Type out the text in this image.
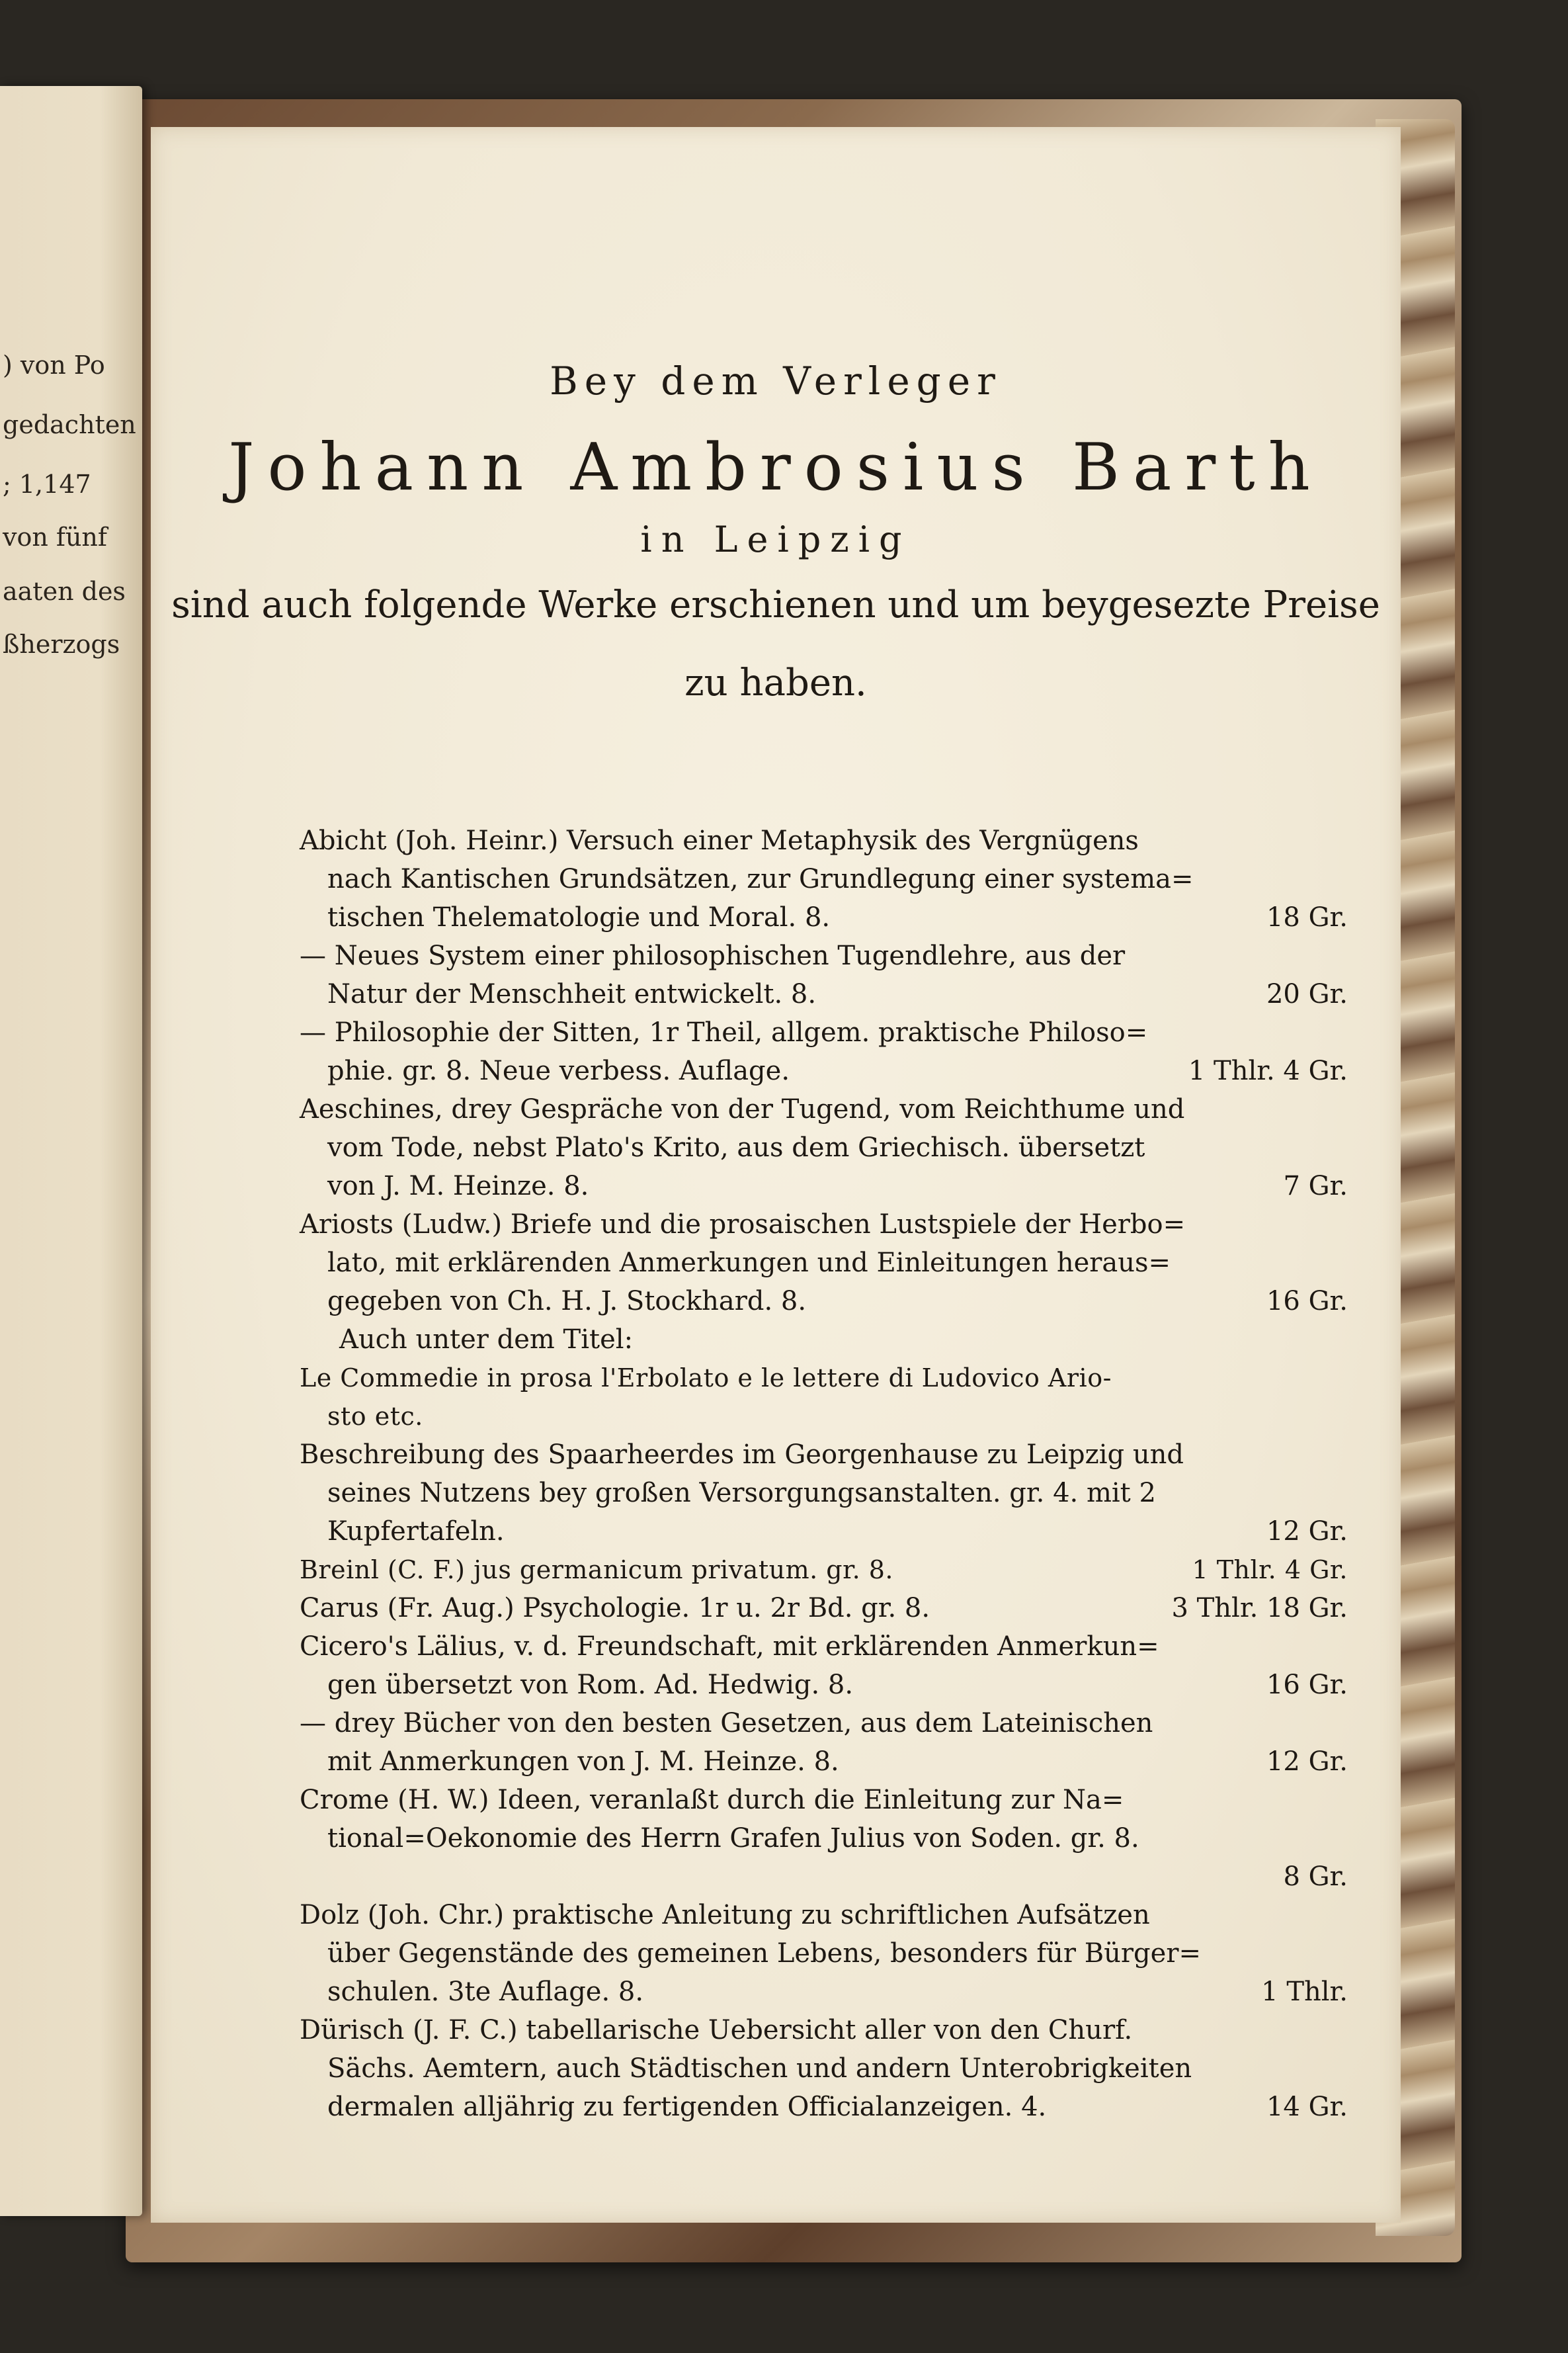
) von Po
gedachten
; 1,147
von fünf
aaten des
ßherzogs
Bey dem Verleger
Johann Ambrosius Barth
in Leipzig
sind auch folgende Werke erschienen und um beygesezte Preise
zu haben.
Abicht (Joh. Heinr.) Versuch einer Metaphysik des Vergnügens
nach Kantischen Grundsätzen, zur Grundlegung einer systema=
tischen Thelematologie und Moral. 8.	18 Gr.
— Neues System einer philosophischen Tugendlehre, aus der
Natur der Menschheit entwickelt. 8.	20 Gr.
— Philosophie der Sitten, 1r Theil, allgem. praktische Philoso=
phie. gr. 8. Neue verbess. Auflage.	1 Thlr. 4 Gr.
Aeschines, drey Gespräche von der Tugend, vom Reichthume und
vom Tode, nebst Plato's Krito, aus dem Griechisch. übersetzt
von J. M. Heinze. 8.	7 Gr.
Ariosts (Ludw.) Briefe und die prosaischen Lustspiele der Herbo=
lato, mit erklärenden Anmerkungen und Einleitungen heraus=
gegeben von Ch. H. J. Stockhard. 8.	16 Gr.
Auch unter dem Titel:
Le Commedie in prosa l'Erbolato e le lettere di Ludovico Ario-
sto etc.
Beschreibung des Spaarheerdes im Georgenhause zu Leipzig und
seines Nutzens bey großen Versorgungsanstalten. gr. 4. mit 2
Kupfertafeln.	12 Gr.
Breinl (C. F.) jus germanicum privatum. gr. 8.	1 Thlr. 4 Gr.
Carus (Fr. Aug.) Psychologie. 1r u. 2r Bd. gr. 8.	3 Thlr. 18 Gr.
Cicero's Lälius, v. d. Freundschaft, mit erklärenden Anmerkun=
gen übersetzt von Rom. Ad. Hedwig. 8.	16 Gr.
— drey Bücher von den besten Gesetzen, aus dem Lateinischen
mit Anmerkungen von J. M. Heinze. 8.	12 Gr.
Crome (H. W.) Ideen, veranlaßt durch die Einleitung zur Na=
tional=Oekonomie des Herrn Grafen Julius von Soden. gr. 8.
8 Gr.
Dolz (Joh. Chr.) praktische Anleitung zu schriftlichen Aufsätzen
über Gegenstände des gemeinen Lebens, besonders für Bürger=
schulen. 3te Auflage. 8.	1 Thlr.
Dürisch (J. F. C.) tabellarische Uebersicht aller von den Churf.
Sächs. Aemtern, auch Städtischen und andern Unterobrigkeiten
dermalen alljährig zu fertigenden Officialanzeigen. 4.	14 Gr.
